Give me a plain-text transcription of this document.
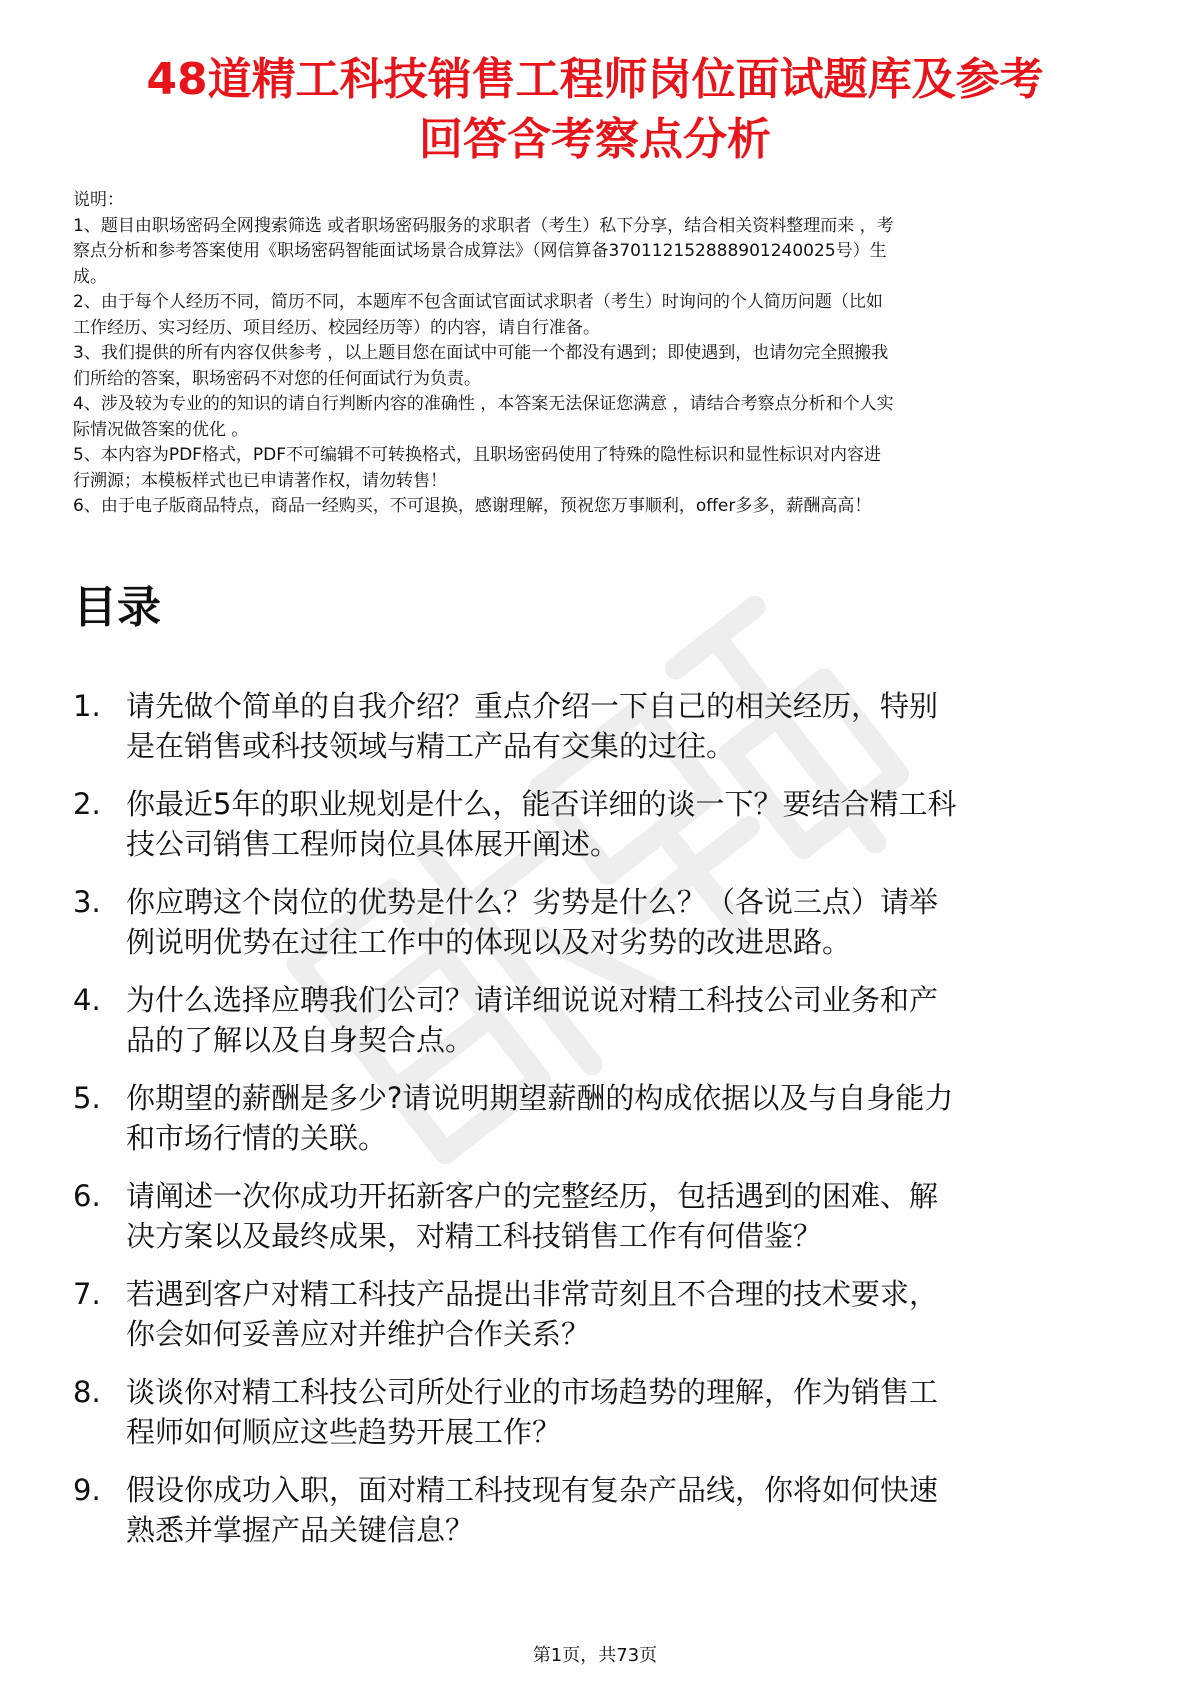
48道精工科技销售工程师岗位面试题库及参考
回答含考察点分析
说明：
1、题目由职场密码全网搜索筛选 或者职场密码服务的求职者（考生）私下分享，结合相关资料整理而来 ，考
察点分析和参考答案使用《职场密码智能面试场景合成算法》（网信算备370112152888901240025号）生
成。
2、由于每个人经历不同，简历不同，本题库不包含面试官面试求职者（考生）时询问的个人简历问题（比如
工作经历、实习经历、项目经历、校园经历等）的内容，请自行准备。
3、我们提供的所有内容仅供参考 ，以上题目您在面试中可能一个都没有遇到；即使遇到，也请勿完全照搬我
们所给的答案，职场密码不对您的任何面试行为负责。
4、涉及较为专业的的知识的请自行判断内容的准确性 ，本答案无法保证您满意 ，请结合考察点分析和个人实
际情况做答案的优化 。
5、本内容为PDF格式，PDF不可编辑不可转换格式，且职场密码使用了特殊的隐性标识和显性标识对内容进
行溯源；本模板样式也已申请著作权，请勿转售！
6、由于电子版商品特点，商品一经购买，不可退换，感谢理解，预祝您万事顺利，offer多多，薪酬高高！
目录
1. 请先做个简单的自我介绍？重点介绍一下自己的相关经历，特别
是在销售或科技领域与精工产品有交集的过往。
2. 你最近5年的职业规划是什么，能否详细的谈一下？要结合精工科
技公司销售工程师岗位具体展开阐述。
3. 你应聘这个岗位的优势是什么？劣势是什么？（各说三点）请举
例说明优势在过往工作中的体现以及对劣势的改进思路。
4. 为什么选择应聘我们公司？请详细说说对精工科技公司业务和产
品的了解以及自身契合点。
5. 你期望的薪酬是多少?请说明期望薪酬的构成依据以及与自身能力
和市场行情的关联。
6. 请阐述一次你成功开拓新客户的完整经历，包括遇到的困难、解
决方案以及最终成果，对精工科技销售工作有何借鉴？
7. 若遇到客户对精工科技产品提出非常苛刻且不合理的技术要求，
你会如何妥善应对并维护合作关系？
8. 谈谈你对精工科技公司所处行业的市场趋势的理解，作为销售工
程师如何顺应这些趋势开展工作？
9. 假设你成功入职，面对精工科技现有复杂产品线，你将如何快速
熟悉并掌握产品关键信息？
第1页，共73页
